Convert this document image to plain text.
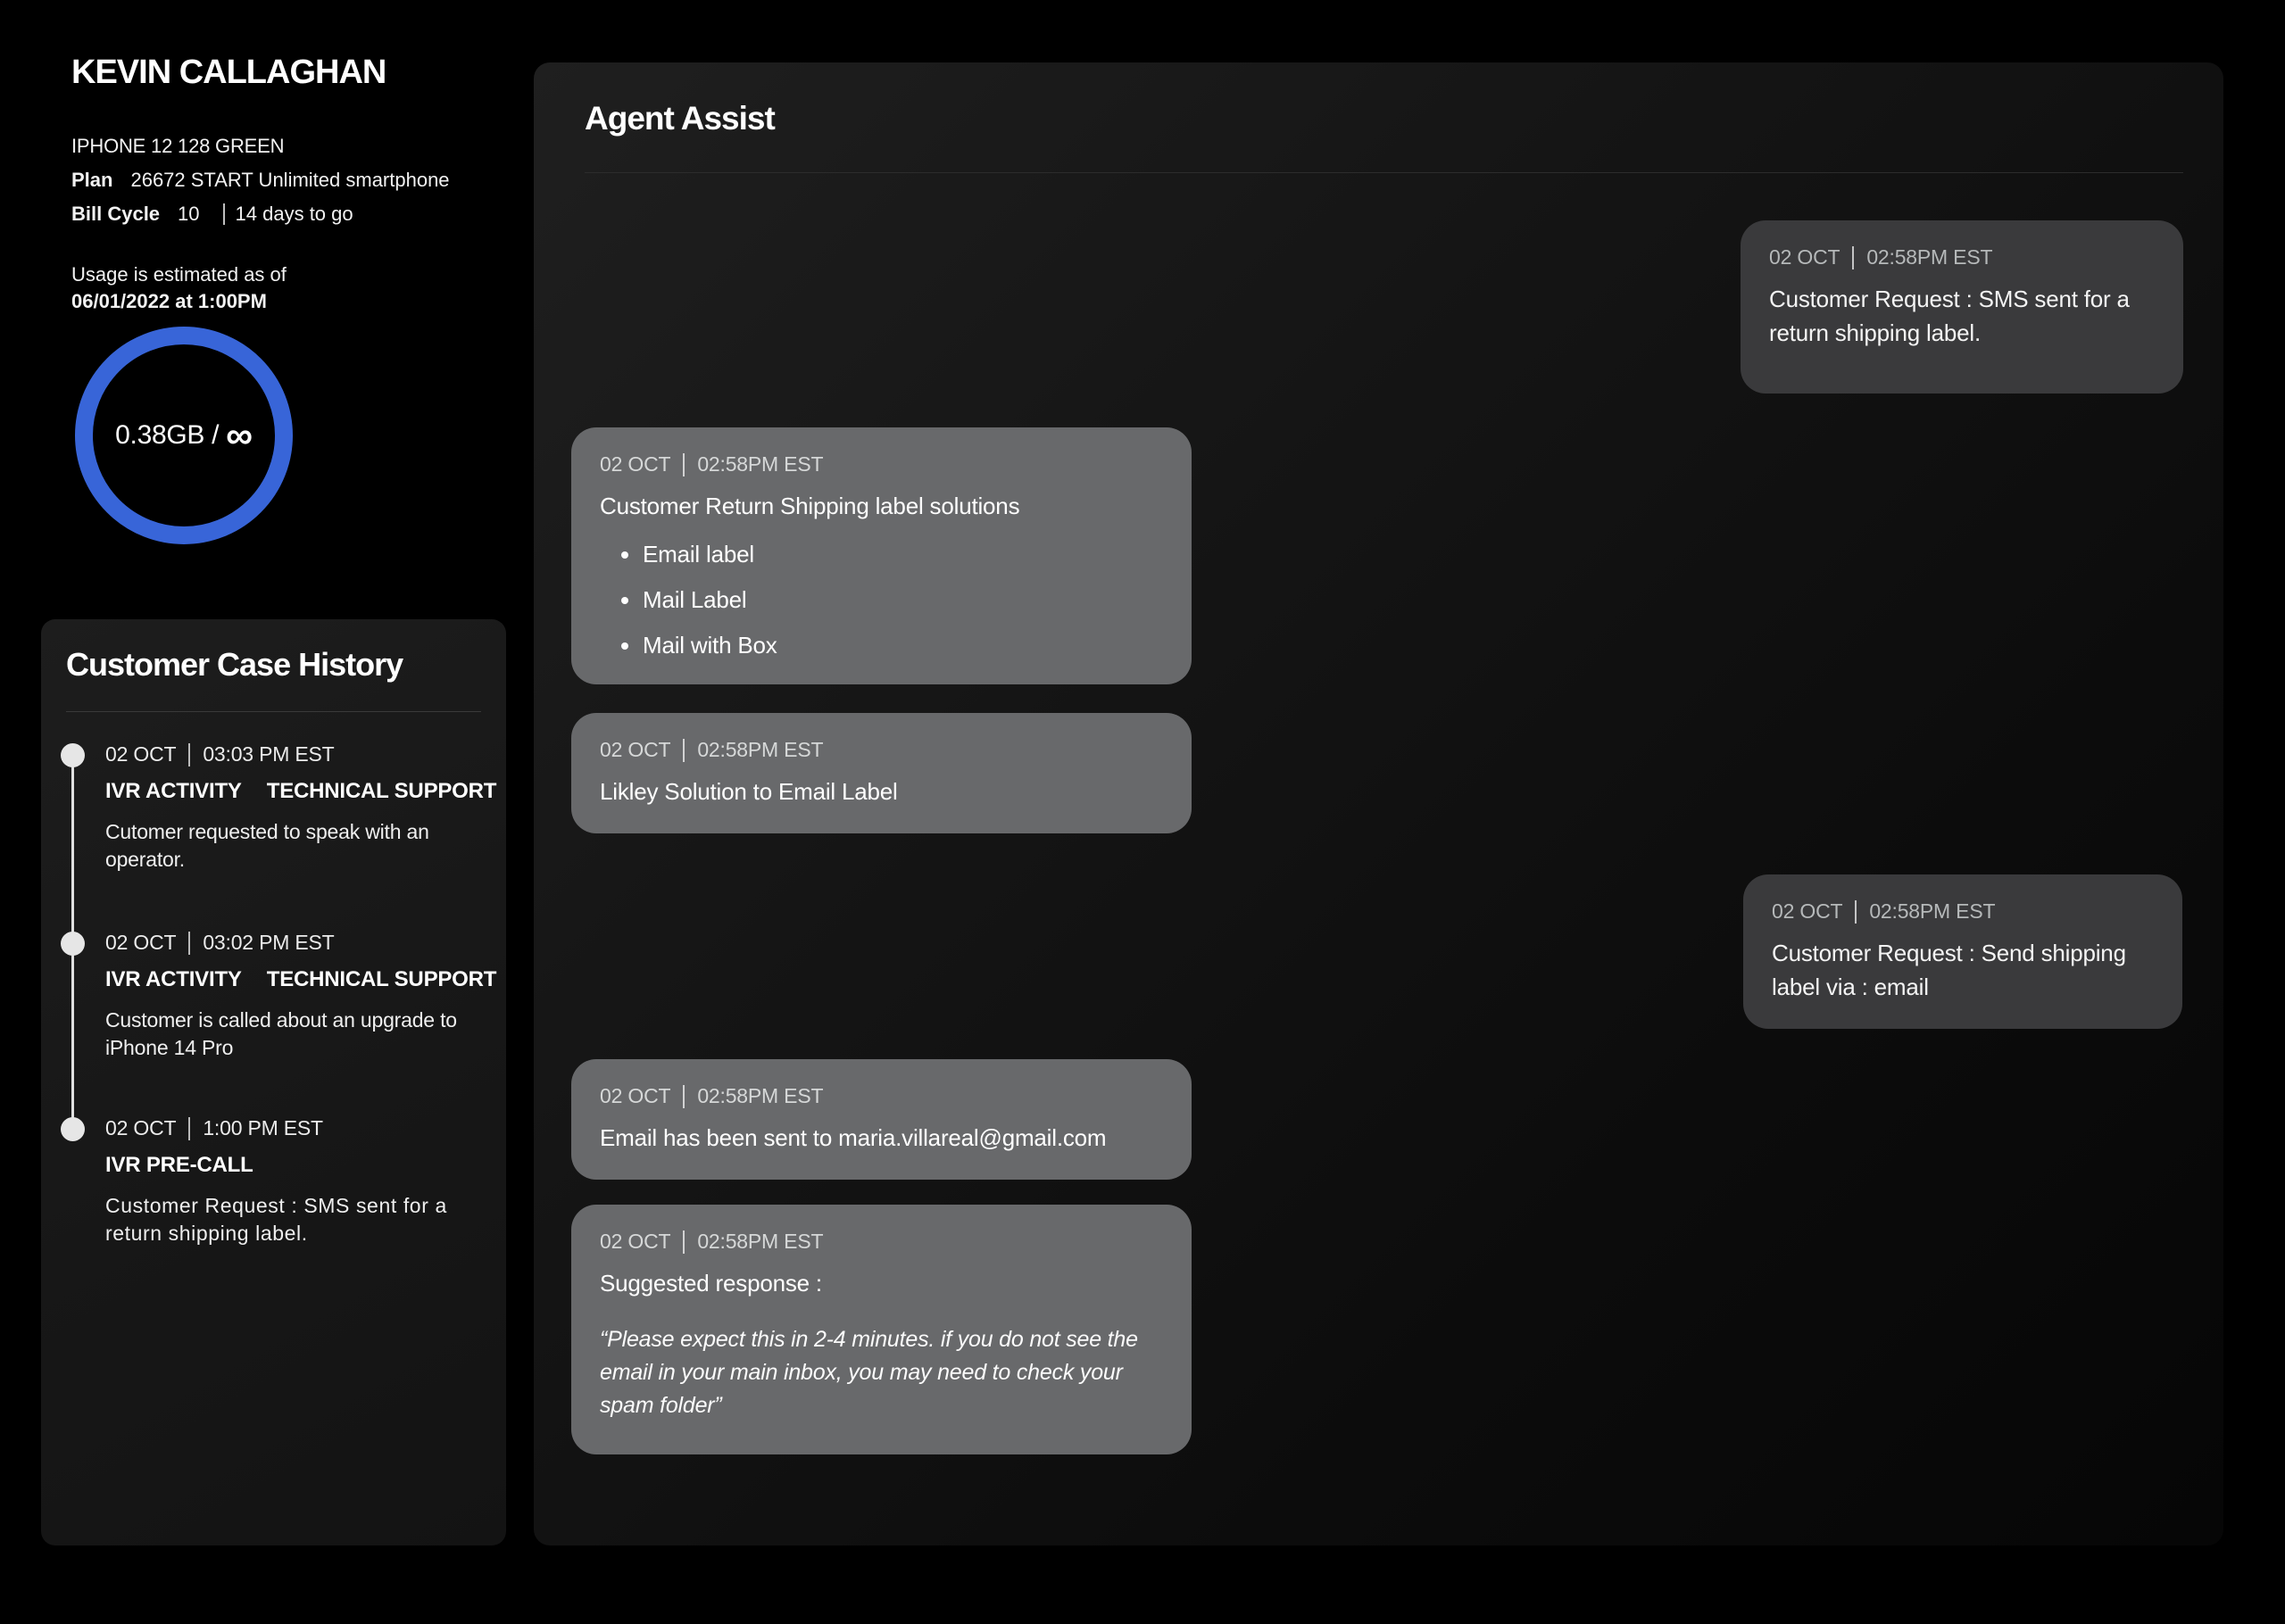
KEVIN CALLAGHAN
IPHONE 12 128 GREEN
Plan 26672 START Unlimited smartphone
Bill Cycle 10 14 days to go
Usage is estimated as of
06/01/2022 at 1:00PM
0.38GB / ∞
Customer Case History
02 OCT 03:03 PM EST
IVR ACTIVITY TECHNICAL SUPPORT
Cutomer requested to speak with an operator.
02 OCT 03:02 PM EST
IVR ACTIVITY TECHNICAL SUPPORT
Customer is called about an upgrade to iPhone 14 Pro
02 OCT 1:00 PM EST
IVR PRE-CALL
Customer Request : SMS sent for a return shipping label.
Agent Assist
02 OCT 02:58PM EST
Customer Request : SMS sent for a return shipping label.
02 OCT 02:58PM EST
Customer Return Shipping label solutions
Email label
Mail Label
Mail with Box
02 OCT 02:58PM EST
Likley Solution to Email Label
02 OCT 02:58PM EST
Customer Request : Send shipping label via : email
02 OCT 02:58PM EST
Email has been sent to maria.villareal@gmail.com
02 OCT 02:58PM EST
Suggested response :
“Please expect this in 2-4 minutes. if you do not see the email in your main inbox, you may need to check your spam folder”
